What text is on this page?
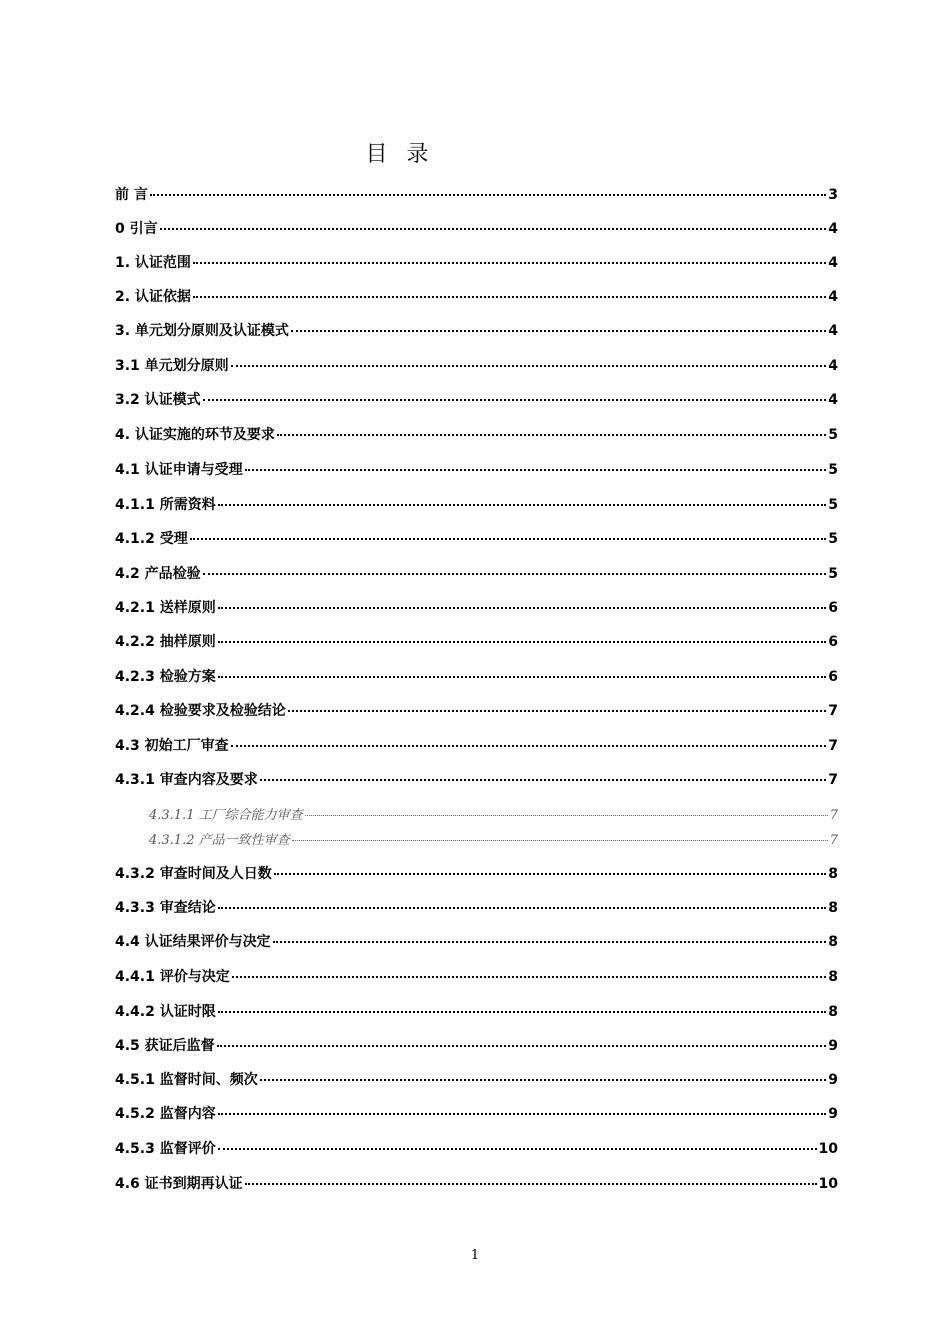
目 录
前 言	3
0 引言	4
1. 认证范围	4
2. 认证依据	4
3. 单元划分原则及认证模式	4
3.1 单元划分原则	4
3.2 认证模式	4
4. 认证实施的环节及要求	5
4.1 认证申请与受理	5
4.1.1 所需资料	5
4.1.2 受理	5
4.2 产品检验	5
4.2.1 送样原则	6
4.2.2 抽样原则	6
4.2.3 检验方案	6
4.2.4 检验要求及检验结论	7
4.3 初始工厂审查	7
4.3.1 审查内容及要求	7
4.3.1.1 工厂综合能力审查	7
4.3.1.2 产品一致性审查	7
4.3.2 审查时间及人日数	8
4.3.3 审查结论	8
4.4 认证结果评价与决定	8
4.4.1 评价与决定	8
4.4.2 认证时限	8
4.5 获证后监督	9
4.5.1 监督时间、频次	9
4.5.2 监督内容	9
4.5.3 监督评价	10
4.6 证书到期再认证	10
1
